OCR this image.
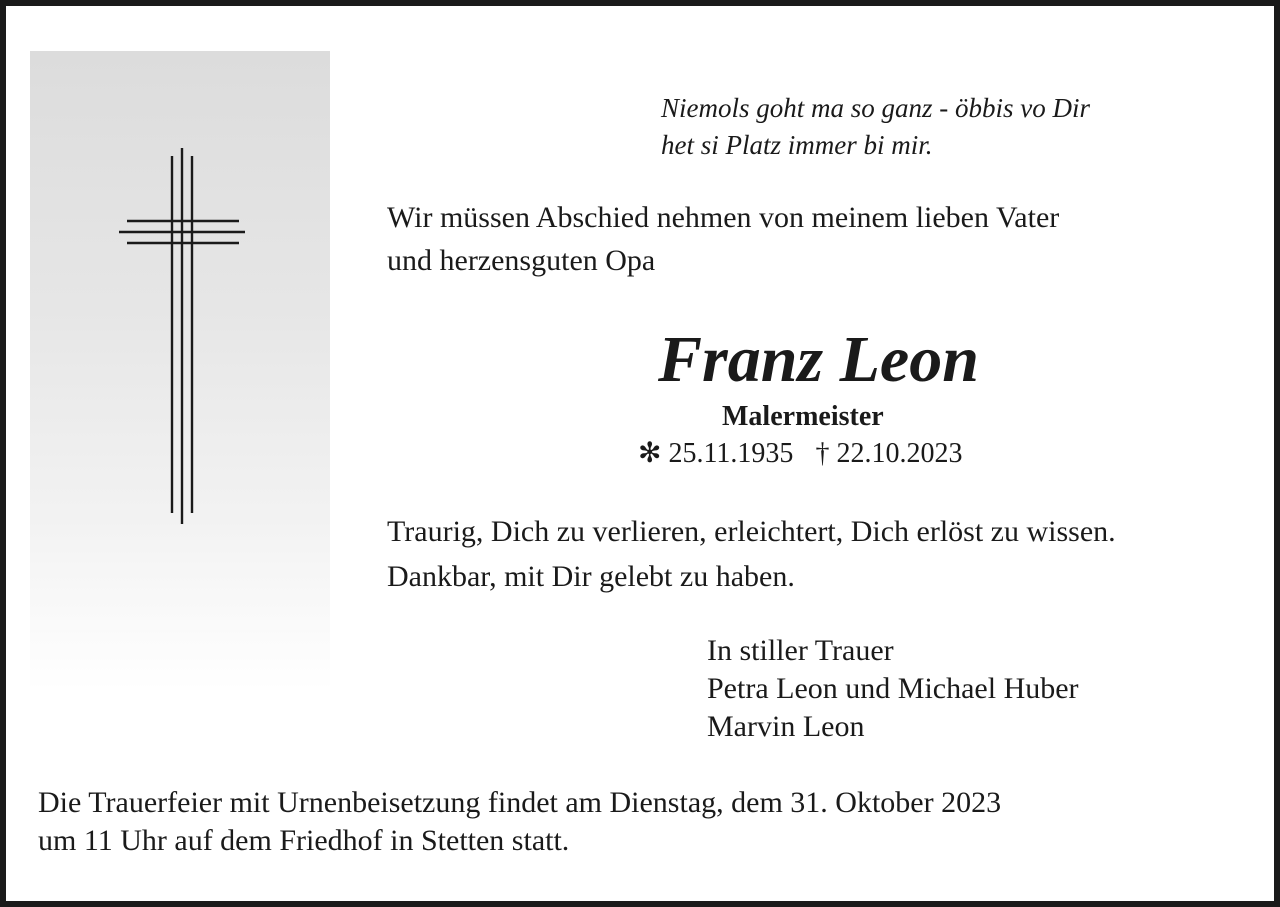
Niemols goht ma so ganz - öbbis vo Dir
het si Platz immer bi mir.
Wir müssen Abschied nehmen von meinem lieben Vater
und herzensguten Opa
Franz Leon
Malermeister
✻ 25.11.1935 † 22.10.2023
Traurig, Dich zu verlieren, erleichtert, Dich erlöst zu wissen.
Dankbar, mit Dir gelebt zu haben.
In stiller Trauer
Petra Leon und Michael Huber
Marvin Leon
Die Trauerfeier mit Urnenbeisetzung findet am Dienstag, dem 31. Oktober 2023
um 11 Uhr auf dem Friedhof in Stetten statt.
